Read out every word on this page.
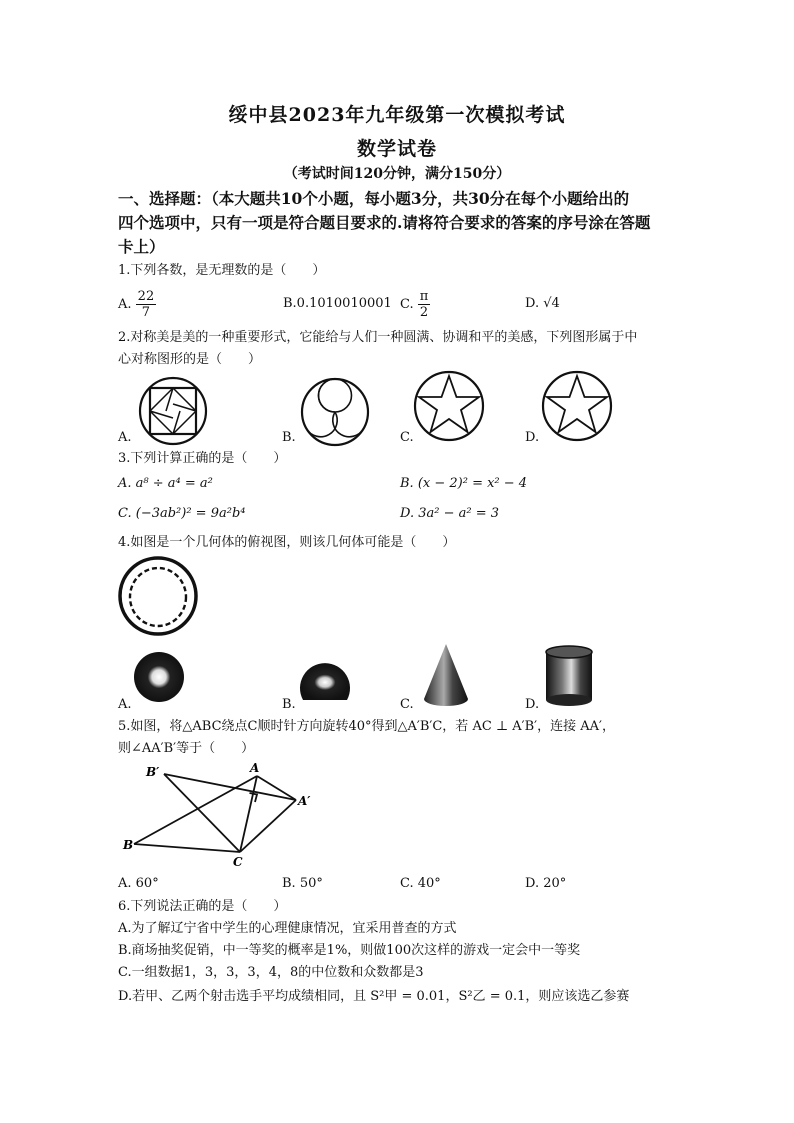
绥中县2023年九年级第一次模拟考试
数学试卷
（考试时间120分钟，满分150分）
一、选择题：（本大题共10个小题，每小题3分，共30分在每个小题给出的
四个选项中，只有一项是符合题目要求的.请将符合要求的答案的序号涂在答题
卡上）
1.下列各数，是无理数的是（　　）
A. $\frac{22}{7}$	B.0.1010010001 C. $\frac{\pi}{2}$	D. √4
2.对称美是美的一种重要形式，它能给与人们一种圆满、协调和平的美感，下列图形属于中
心对称图形的是（　　）
A.	B.	C.	D.
3.下列计算正确的是（　　）
A. a⁸ ÷ a⁴ = a²	B. (x − 2)² = x² − 4
C. (−3ab²)² = 9a²b⁴	D. 3a² − a² = 3
4.如图是一个几何体的俯视图，则该几何体可能是（　　）
A.	B.	C.	D.
5.如图，将△ABC绕点C顺时针方向旋转40°得到△A′B′C，若 AC ⊥ A′B′，连接 AA′，
则∠AA′B′等于（　　）
A
A′
B
B′
C
A. 60°	B. 50°	C. 40°	D. 20°
6.下列说法正确的是（　　）
A.为了解辽宁省中学生的心理健康情况，宜采用普查的方式
B.商场抽奖促销，中一等奖的概率是1%，则做100次这样的游戏一定会中一等奖
C.一组数据1，3，3，3，4，8的中位数和众数都是3
D.若甲、乙两个射击选手平均成绩相同，且 S²甲 = 0.01，S²乙 = 0.1，则应该选乙参赛
